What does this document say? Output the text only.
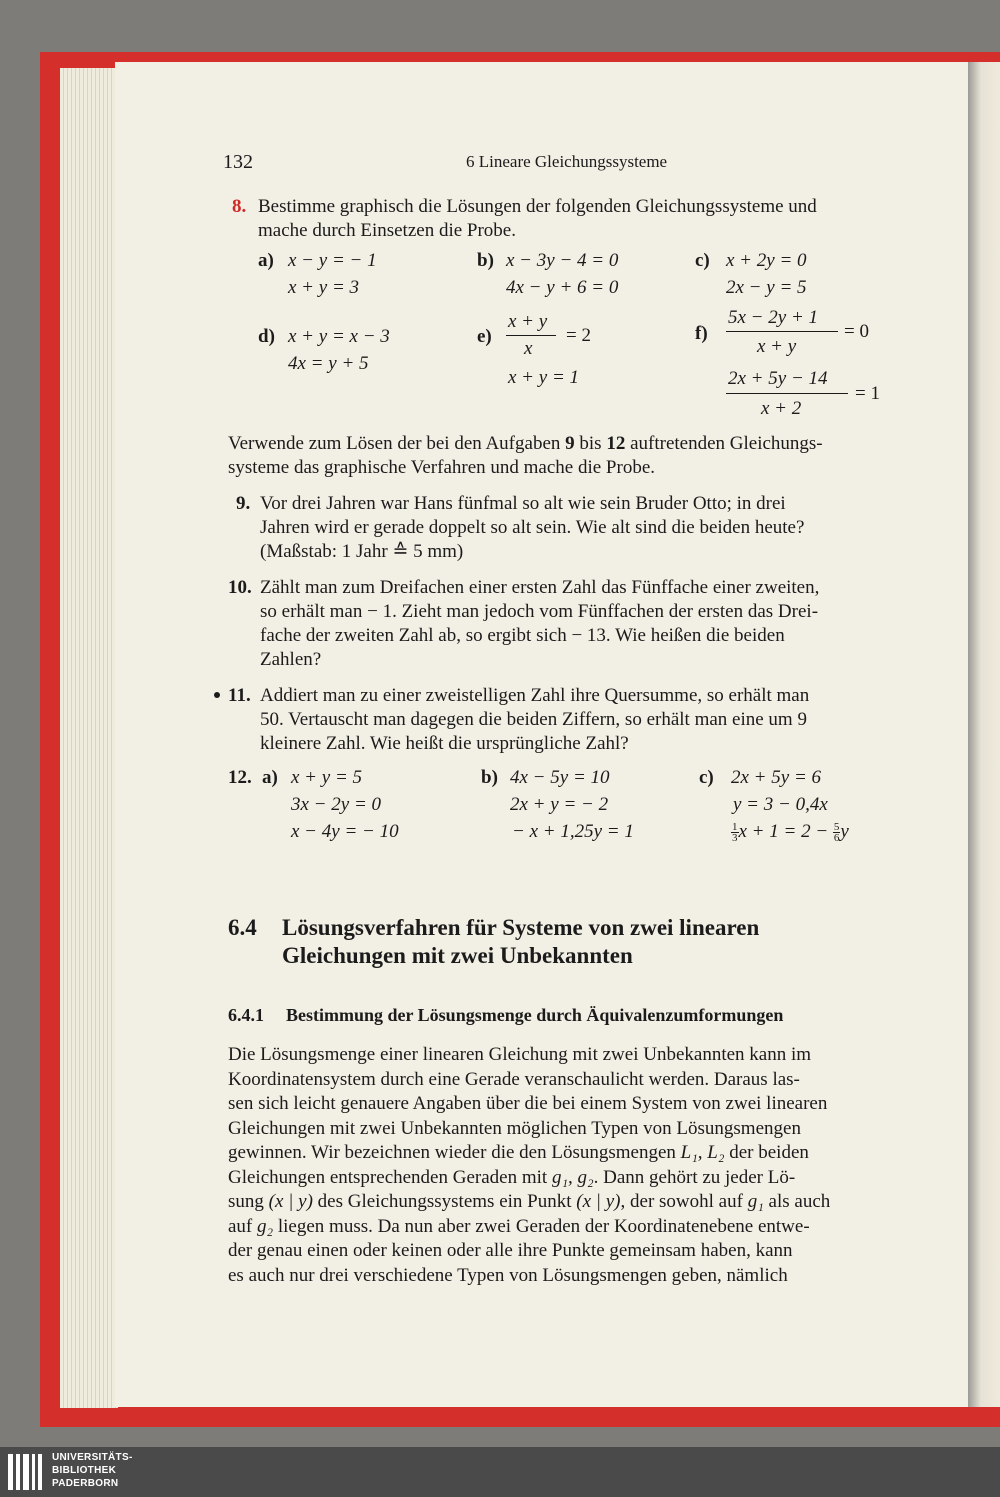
132	6 Lineare Gleichungssysteme
8. Bestimme graphisch die Lösungen der folgenden Gleichungssysteme und
mache durch Einsetzen die Probe.
a) x − y = − 1
x + y = 3
b) x − 3y − 4 = 0
4x − y + 6 = 0
c) x + 2y = 0
2x − y = 5
d) x + y = x − 3
4x = y + 5
e)
x + y
x
= 2
x + y = 1
f)
5x − 2y + 1
x + y
= 0
2x + 5y − 14
x + 2
= 1
Verwende zum Lösen der bei den Aufgaben 9 bis 12 auftretenden Gleichungs-
systeme das graphische Verfahren und mache die Probe.
9. Vor drei Jahren war Hans fünfmal so alt wie sein Bruder Otto; in drei
Jahren wird er gerade doppelt so alt sein. Wie alt sind die beiden heute?
(Maßstab: 1 Jahr ≙ 5 mm)
10. Zählt man zum Dreifachen einer ersten Zahl das Fünffache einer zweiten,
so erhält man − 1. Zieht man jedoch vom Fünffachen der ersten das Drei-
fache der zweiten Zahl ab, so ergibt sich − 13. Wie heißen die beiden
Zahlen?
11. Addiert man zu einer zweistelligen Zahl ihre Quersumme, so erhält man
50. Vertauscht man dagegen die beiden Ziffern, so erhält man eine um 9
kleinere Zahl. Wie heißt die ursprüngliche Zahl?
12. a) x + y = 5
3x − 2y = 0
x − 4y = − 10
b) 4x − 5y = 10
2x + y = − 2
− x + 1,25y = 1
c) 2x + 5y = 6
y = 3 − 0,4x
$\frac{1}{3}$ $x + 1 = 2 - \frac{5}{6}$ y
6.4 Lösungsverfahren für Systeme von zwei linearen
Gleichungen mit zwei Unbekannten
6.4.1 Bestimmung der Lösungsmenge durch Äquivalenzumformungen
Die Lösungsmenge einer linearen Gleichung mit zwei Unbekannten kann im
Koordinatensystem durch eine Gerade veranschaulicht werden. Daraus las-
sen sich leicht genauere Angaben über die bei einem System von zwei linearen
Gleichungen mit zwei Unbekannten möglichen Typen von Lösungsmengen
gewinnen. Wir bezeichnen wieder die den Lösungsmengen L₁, L₂ der beiden
Gleichungen entsprechenden Geraden mit g₁, g₂. Dann gehört zu jeder Lö-
sung (x | y) des Gleichungssystems ein Punkt (x | y), der sowohl auf g₁ als auch
auf g₂ liegen muss. Da nun aber zwei Geraden der Koordinatenebene entwe-
der genau einen oder keinen oder alle ihre Punkte gemeinsam haben, kann
es auch nur drei verschiedene Typen von Lösungsmengen geben, nämlich
UNIVERSITÄTS-
BIBLIOTHEK
PADERBORN
